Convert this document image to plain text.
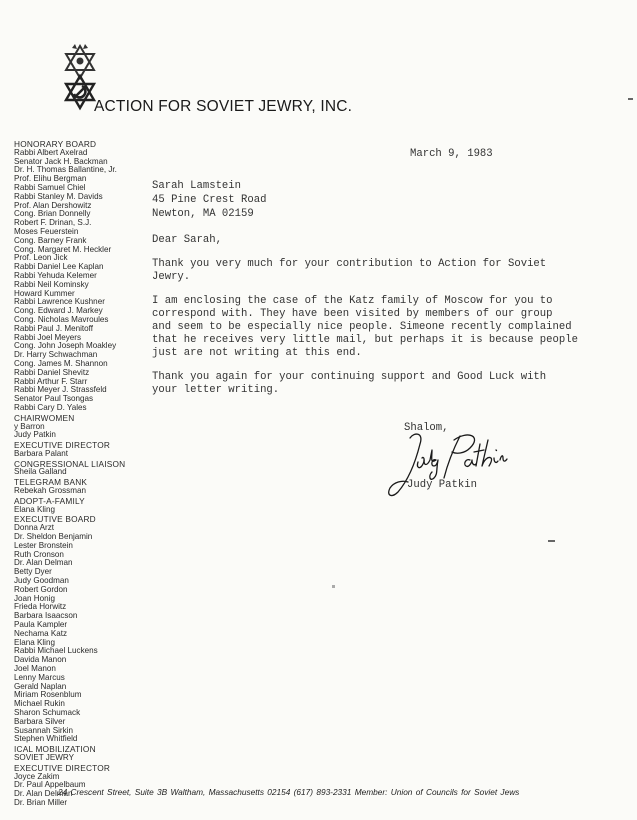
ACTION FOR SOVIET JEWRY, INC.
HONORARY BOARD
Rabbi Albert Axelrad
Senator Jack H. Backman
Dr. H. Thomas Ballantine, Jr.
Prof. Elihu Bergman
Rabbi Samuel Chiel
Rabbi Stanley M. Davids
Prof. Alan Dershowitz
Cong. Brian Donnelly
Robert F. Drinan, S.J.
Moses Feuerstein
Cong. Barney Frank
Cong. Margaret M. Heckler
Prof. Leon Jick
Rabbi Daniel Lee Kaplan
Rabbi Yehuda Kelemer
Rabbi Neil Kominsky
Howard Kummer
Rabbi Lawrence Kushner
Cong. Edward J. Markey
Cong. Nicholas Mavroules
Rabbi Paul J. Menitoff
Rabbi Joel Meyers
Cong. John Joseph Moakley
Dr. Harry Schwachman
Cong. James M. Shannon
Rabbi Daniel Shevitz
Rabbi Arthur F. Starr
Rabbi Meyer J. Strassfeld
Senator Paul Tsongas
Rabbi Cary D. Yales
CHAIRWOMEN
y Barron
Judy Patkin
EXECUTIVE DIRECTOR
Barbara Palant
CONGRESSIONAL LIAISON
Sheila Galland
TELEGRAM BANK
Rebekah Grossman
ADOPT-A-FAMILY
Elana Kling
EXECUTIVE BOARD
Donna Arzt
Dr. Sheldon Benjamin
Lester Bronstein
Ruth Cronson
Dr. Alan Delman
Betty Dyer
Judy Goodman
Robert Gordon
Joan Honig
Frieda Horwitz
Barbara Isaacson
Paula Kampler
Nechama Katz
Elana Kling
Rabbi Michael Luckens
Davida Manon
Joel Manon
Lenny Marcus
Gerald Naplan
Miriam Rosenblum
Michael Rukin
Sharon Schumack
Barbara Silver
Susannah Sirkin
Stephen Whitfield
ICAL MOBILIZATION
SOVIET JEWRY
EXECUTIVE DIRECTOR
Joyce Zakim
Dr. Paul Appelbaum
Dr. Alan Delman
Dr. Brian Miller
March 9, 1983
Sarah Lamstein
45 Pine Crest Road
Newton, MA 02159
Dear Sarah,
Thank you very much for your contribution to Action for Soviet
Jewry.
I am enclosing the case of the Katz family of Moscow for you to
correspond with. They have been visited by members of our group
and seem to be especially nice people. Simeone recently complained
that he receives very little mail, but perhaps it is because people
just are not writing at this end.
Thank you again for your continuing support and Good Luck with
your letter writing.
Shalom,
Judy Patkin
24 Crescent Street, Suite 3B Waltham, Massachusetts 02154 (617) 893-2331 Member: Union of Councils for Soviet Jews
